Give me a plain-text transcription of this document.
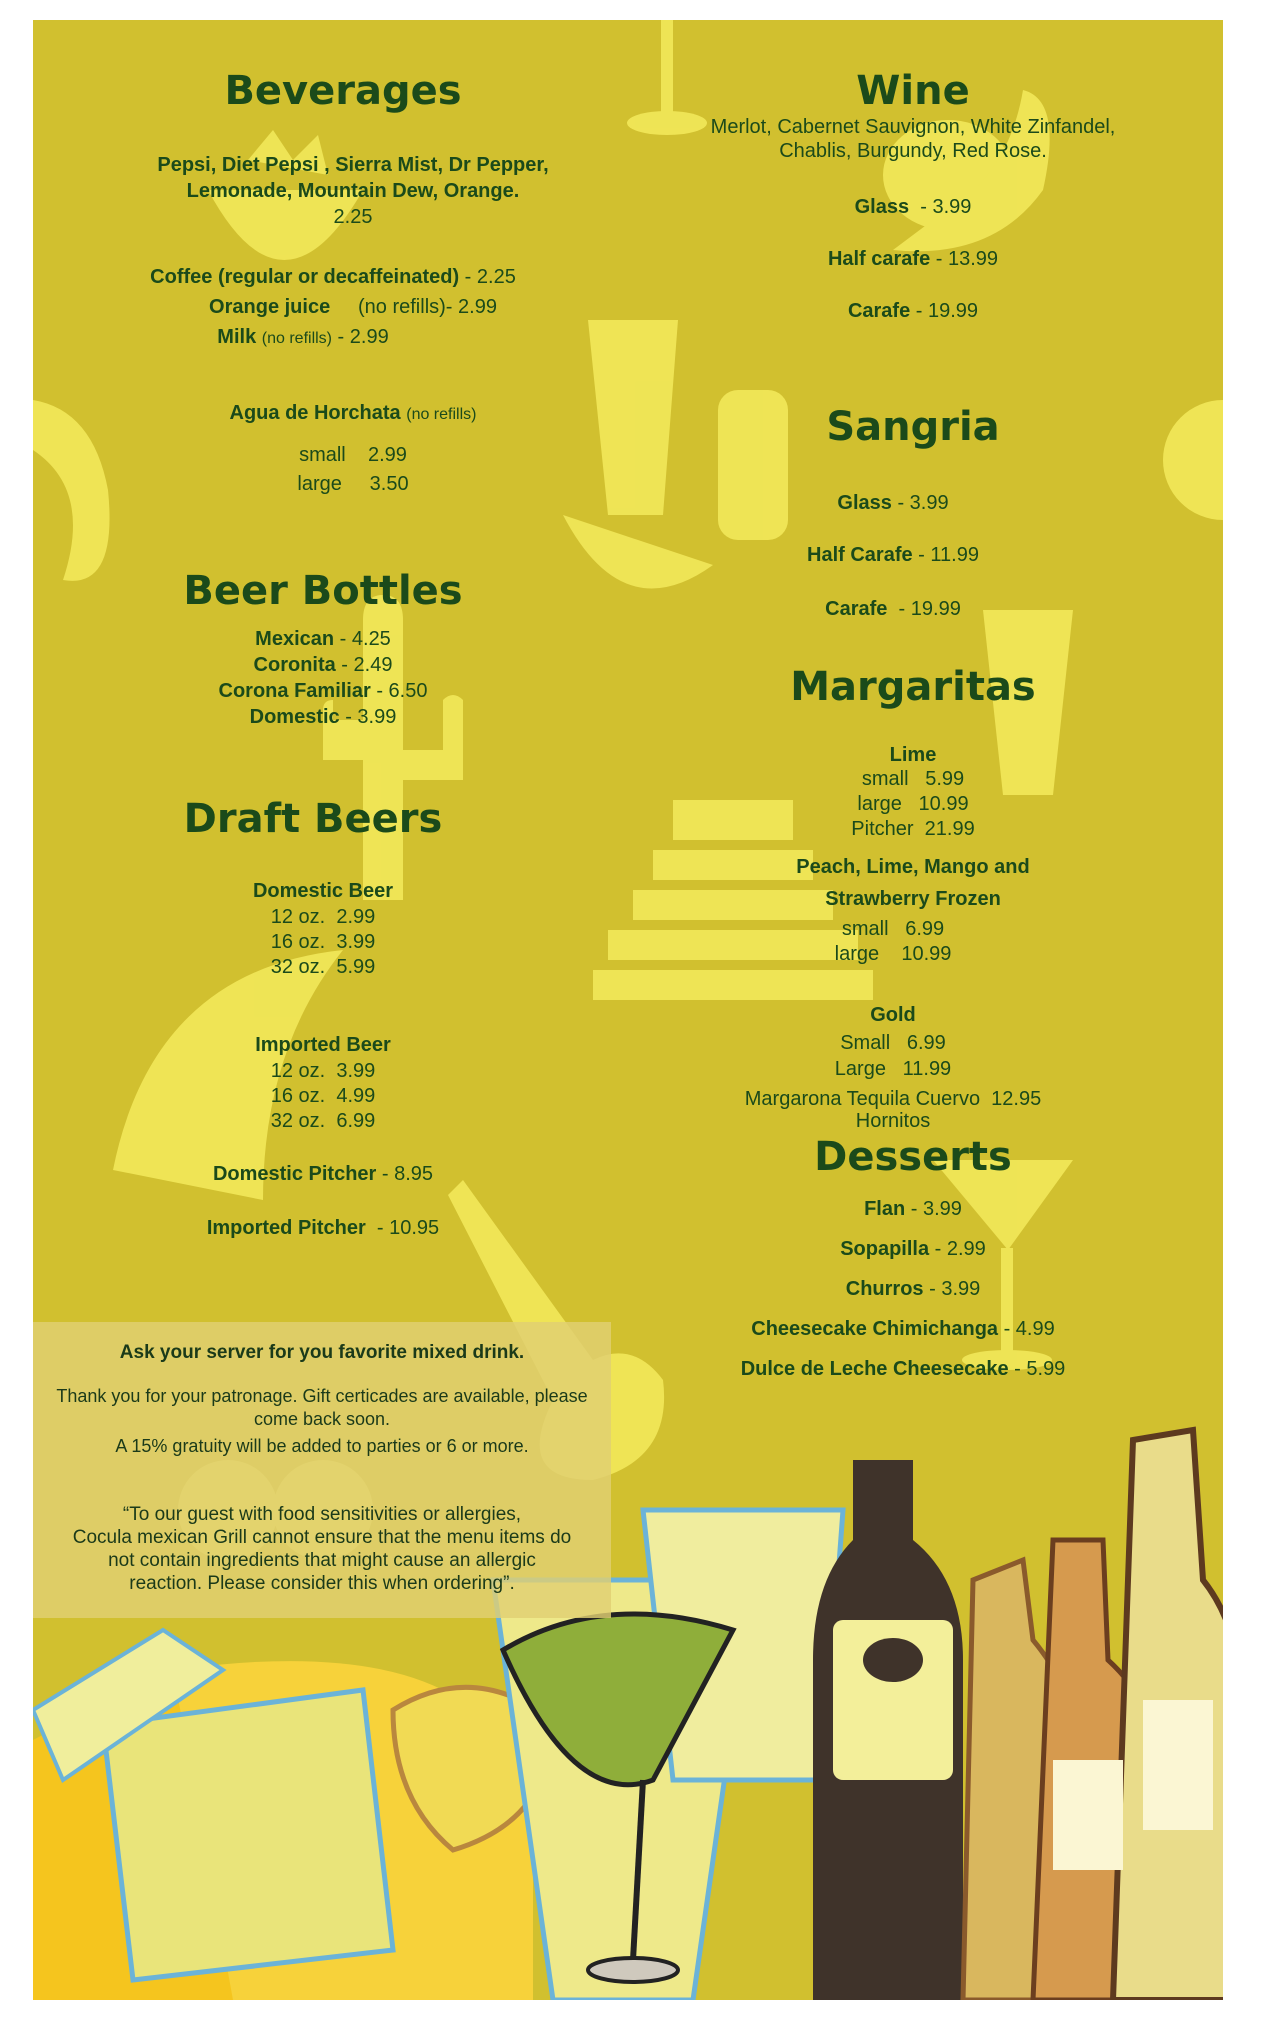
Ask your server for you favorite mixed drink.
Thank you for your patronage. Gift certicades are available, please
come back soon.
A 15% gratuity will be added to parties or 6 or more.
“To our guest with food sensitivities or allergies,
Cocula mexican Grill cannot ensure that the menu items do
not contain ingredients that might cause an allergic
reaction. Please consider this when ordering”.
Beverages
Pepsi, Diet Pepsi , Sierra Mist, Dr Pepper,
Lemonade, Mountain Dew, Orange.
2.25
Coffee (regular or decaffeinated) - 2.25
Orange juice (no refills)- 2.99
Milk (no refills) - 2.99
Agua de Horchata (no refills)
small    2.99
large     3.50
Beer Bottles
Mexican - 4.25
Coronita - 2.49
Corona Familiar - 6.50
Domestic - 3.99
Draft Beers
Domestic Beer
12 oz.  2.99
16 oz.  3.99
32 oz.  5.99
Imported Beer
12 oz.  3.99
16 oz.  4.99
32 oz.  6.99
Domestic Pitcher - 8.95
Imported Pitcher  - 10.95
Wine
Merlot, Cabernet Sauvignon, White Zinfandel,
Chablis, Burgundy, Red Rose.
Glass  - 3.99
Half carafe - 13.99
Carafe - 19.99
Sangria
Glass - 3.99
Half Carafe - 11.99
Carafe  - 19.99
Margaritas
Lime
small   5.99
large   10.99
Pitcher  21.99
Peach, Lime, Mango and
Strawberry Frozen
small   6.99
large    10.99
Gold
Small   6.99
Large   11.99
Margarona Tequila Cuervo  12.95
Hornitos
Desserts
Flan - 3.99
Sopapilla - 2.99
Churros - 3.99
Cheesecake Chimichanga - 4.99
Dulce de Leche Cheesecake - 5.99
